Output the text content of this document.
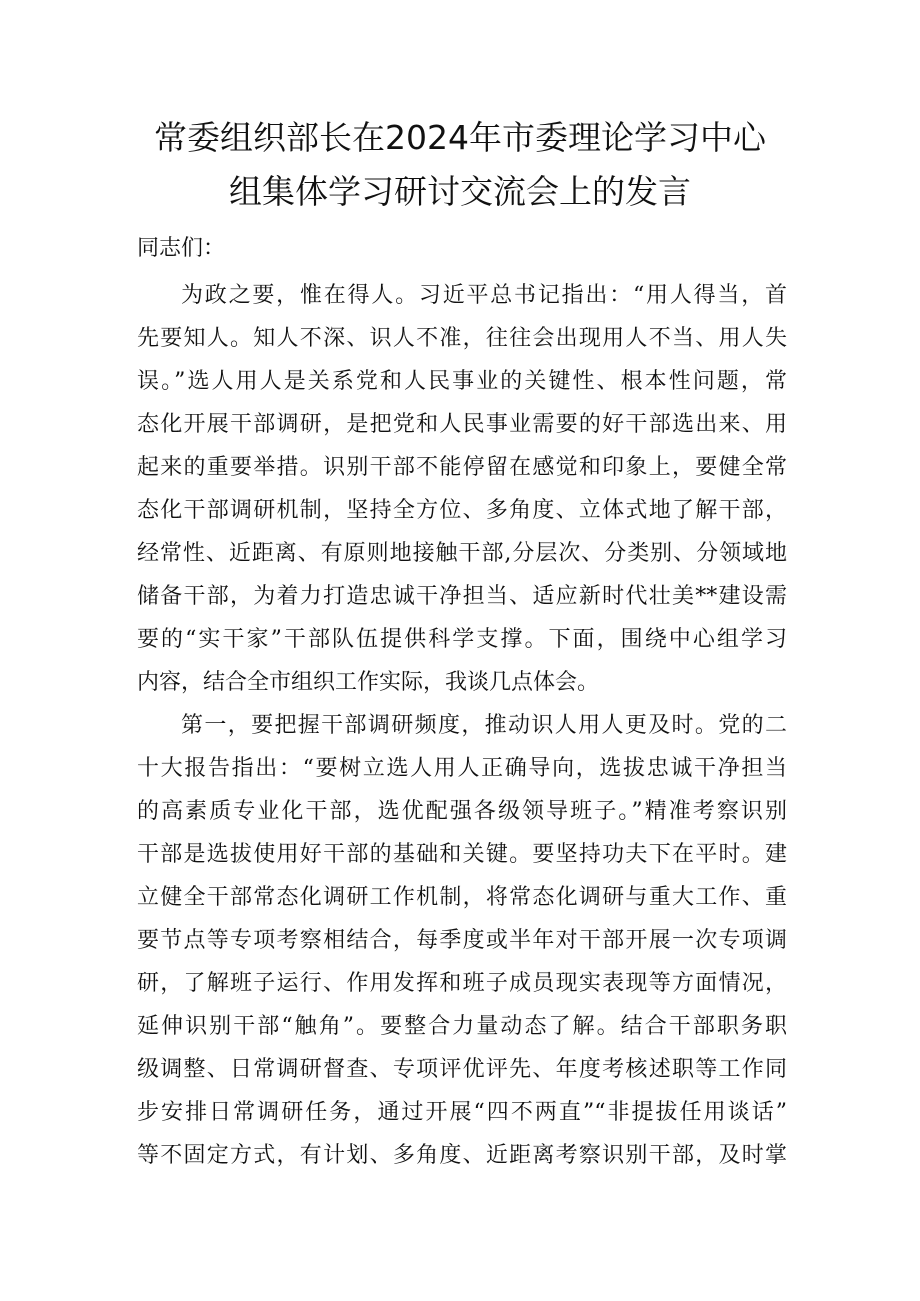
常委组织部长在2024年市委理论学习中心
组集体学习研讨交流会上的发言
同志们：
为政之要，惟在得人。习近平总书记指出：“用人得当，首
先要知人。知人不深、识人不准，往往会出现用人不当、用人失
误。”选人用人是关系党和人民事业的关键性、根本性问题，常
态化开展干部调研，是把党和人民事业需要的好干部选出来、用
起来的重要举措。识别干部不能停留在感觉和印象上，要健全常
态化干部调研机制，坚持全方位、多角度、立体式地了解干部，
经常性、近距离、有原则地接触干部,分层次、分类别、分领域地
储备干部，为着力打造忠诚干净担当、适应新时代壮美**建设需
要的“实干家”干部队伍提供科学支撑。下面，围绕中心组学习
内容，结合全市组织工作实际，我谈几点体会。
第一，要把握干部调研频度，推动识人用人更及时。党的二
十大报告指出：“要树立选人用人正确导向，选拔忠诚干净担当
的高素质专业化干部，选优配强各级领导班子。”精准考察识别
干部是选拔使用好干部的基础和关键。要坚持功夫下在平时。建
立健全干部常态化调研工作机制，将常态化调研与重大工作、重
要节点等专项考察相结合，每季度或半年对干部开展一次专项调
研，了解班子运行、作用发挥和班子成员现实表现等方面情况，
延伸识别干部“触角”。要整合力量动态了解。结合干部职务职
级调整、日常调研督查、专项评优评先、年度考核述职等工作同
步安排日常调研任务，通过开展“四不两直”“非提拔任用谈话”
等不固定方式，有计划、多角度、近距离考察识别干部，及时掌
